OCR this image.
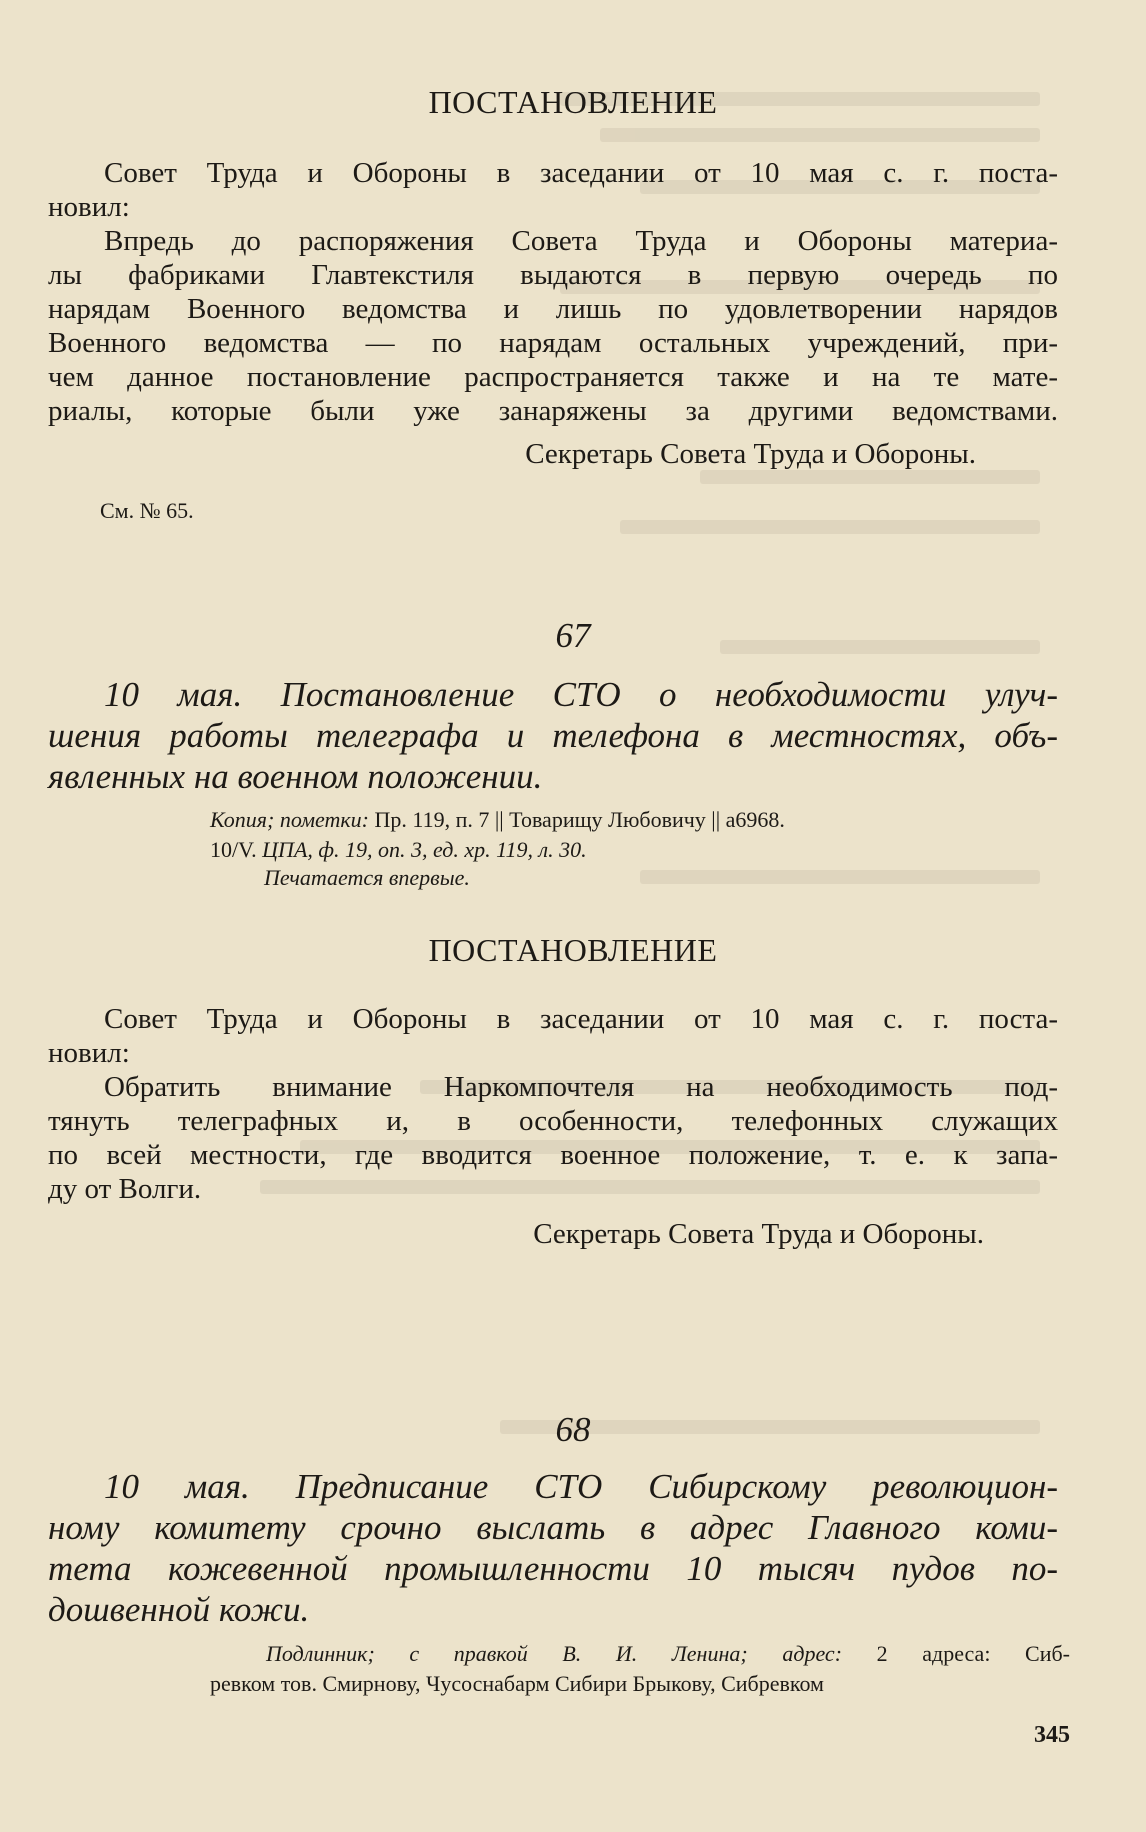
ПОСТАНОВЛЕНИЕ
Совет Труда и Обороны в заседании от 10 мая с. г. поста-
новил:
Впредь до распоряжения Совета Труда и Обороны материа-
лы фабриками Главтекстиля выдаются в первую очередь по
нарядам Военного ведомства и лишь по удовлетворении нарядов
Военного ведомства — по нарядам остальных учреждений, при-
чем данное постановление распространяется также и на те мате-
риалы, которые были уже занаряжены за другими ведомствами.
Секретарь Совета Труда и Обороны.
См. № 65.
67
10 мая. Постановление СТО о необходимости улуч-
шения работы телеграфа и телефона в местностях, объ-
явленных на военном положении.
Копия; пометки: Пр. 119, п. 7 || Товарищу Любовичу || а6968.
10/V. ЦПА, ф. 19, оп. 3, ед. хр. 119, л. 30.
Печатается впервые.
ПОСТАНОВЛЕНИЕ
Совет Труда и Обороны в заседании от 10 мая с. г. поста-
новил:
Обратить внимание Наркомпочтеля на необходимость под-
тянуть телеграфных и, в особенности, телефонных служащих
по всей местности, где вводится военное положение, т. е. к запа-
ду от Волги.
Секретарь Совета Труда и Обороны.
68
10 мая. Предписание СТО Сибирскому революцион-
ному комитету срочно выслать в адрес Главного коми-
тета кожевенной промышленности 10 тысяч пудов по-
дошвенной кожи.
Подлинник; с правкой В. И. Ленина; адрес: 2 адреса: Сиб-
ревком тов. Смирнову, Чусоснабарм Сибири Брыкову, Сибревком
345
